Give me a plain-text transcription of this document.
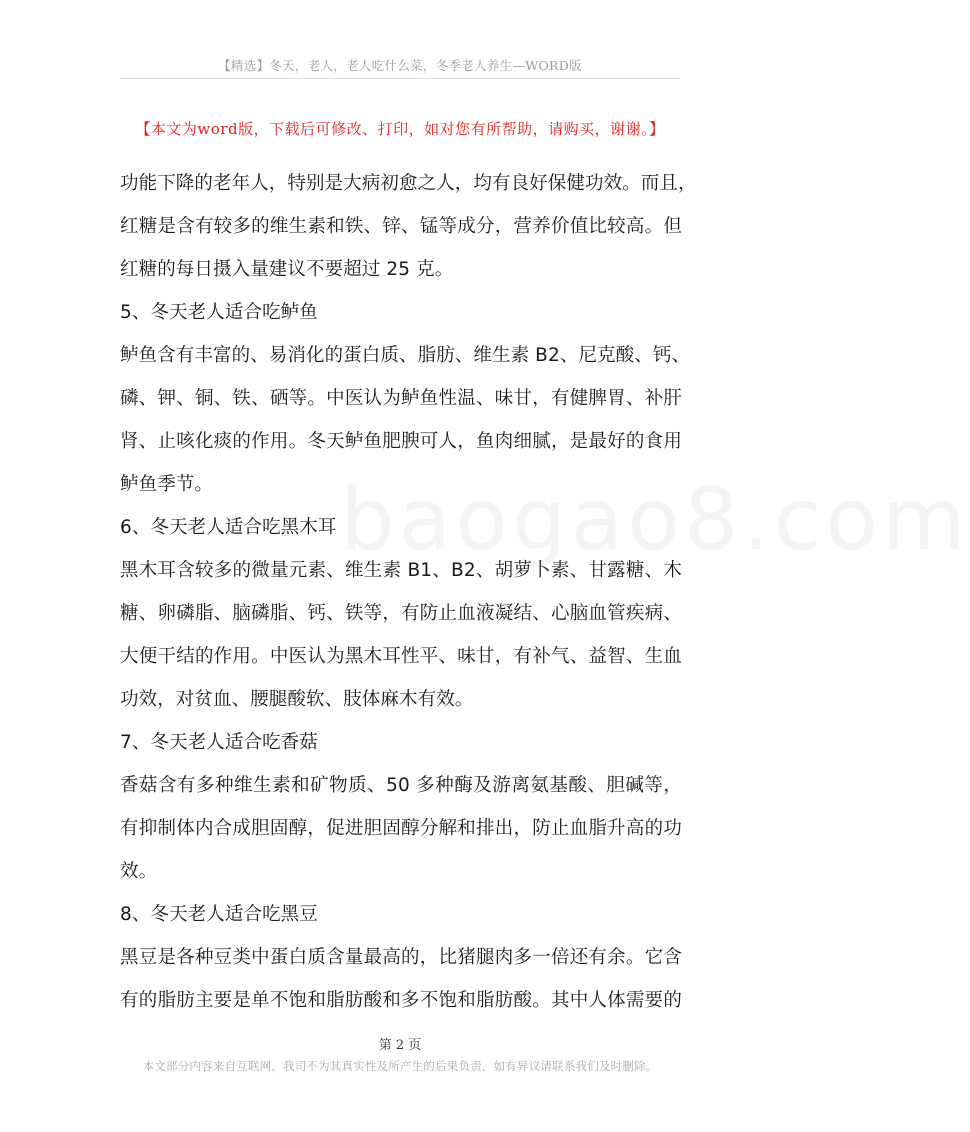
【精选】冬天，老人，老人吃什么菜，冬季老人养生—WORD版
【本文为word版，下载后可修改、打印，如对您有所帮助，请购买，谢谢。】
baogao8.com
功能下降的老年人，特别是大病初愈之人，均有良好保健功效。而且，
红糖是含有较多的维生素和铁、锌、锰等成分，营养价值比较高。但
红糖的每日摄入量建议不要超过 25 克。
5、冬天老人适合吃鲈鱼
鲈鱼含有丰富的、易消化的蛋白质、脂肪、维生素 B2、尼克酸、钙、
磷、钾、铜、铁、硒等。中医认为鲈鱼性温、味甘，有健脾胃、补肝
肾、止咳化痰的作用。冬天鲈鱼肥腴可人，鱼肉细腻，是最好的食用
鲈鱼季节。
6、冬天老人适合吃黑木耳
黑木耳含较多的微量元素、维生素 B1、B2、胡萝卜素、甘露糖、木
糖、卵磷脂、脑磷脂、钙、铁等，有防止血液凝结、心脑血管疾病、
大便干结的作用。中医认为黑木耳性平、味甘，有补气、益智、生血
功效，对贫血、腰腿酸软、肢体麻木有效。
7、冬天老人适合吃香菇
香菇含有多种维生素和矿物质、50 多种酶及游离氨基酸、胆碱等，
有抑制体内合成胆固醇，促进胆固醇分解和排出，防止血脂升高的功
效。
8、冬天老人适合吃黑豆
黑豆是各种豆类中蛋白质含量最高的，比猪腿肉多一倍还有余。它含
有的脂肪主要是单不饱和脂肪酸和多不饱和脂肪酸。其中人体需要的
第 2 页
本文部分内容来自互联网，我司不为其真实性及所产生的后果负责，如有异议请联系我们及时删除。
